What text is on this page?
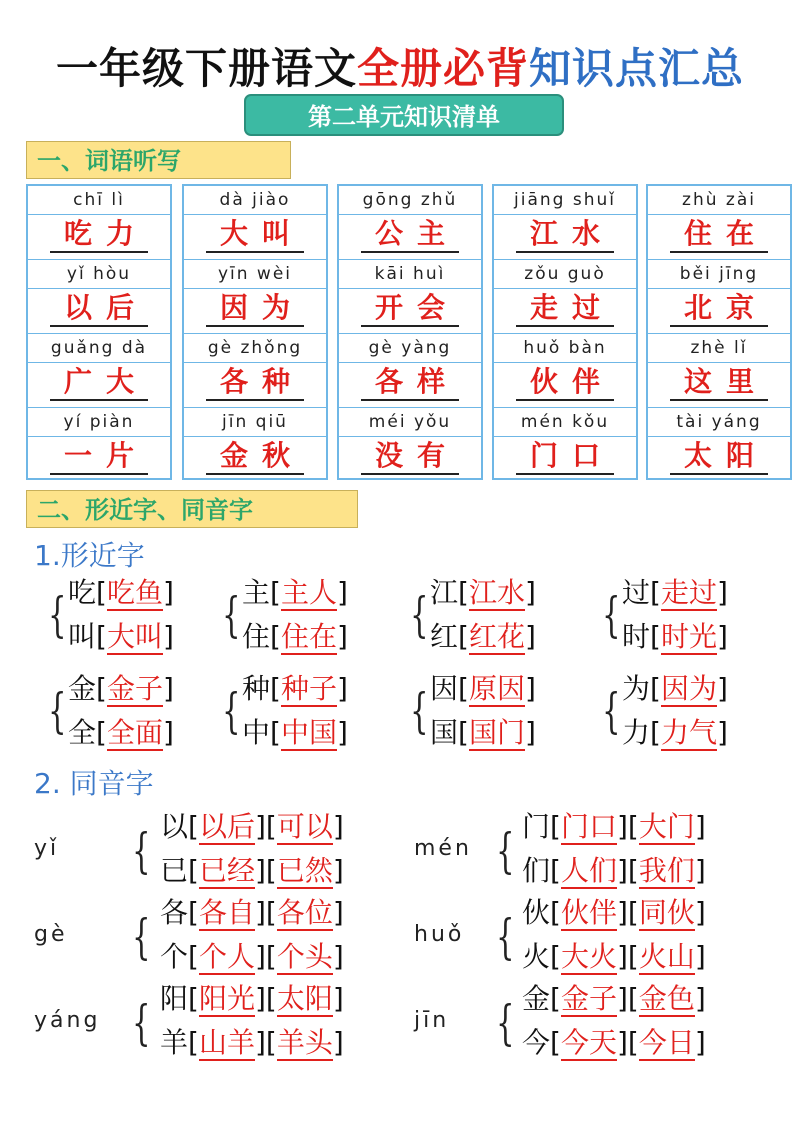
一年级下册语文全册必背知识点汇总
第二单元知识清单
一、词语听写
chī lì
吃力
yǐ hòu
以后
guǎng dà
广大
yí piàn
一片
dà jiào
大叫
yīn wèi
因为
gè zhǒng
各种
jīn qiū
金秋
gōng zhǔ
公主
kāi huì
开会
gè yàng
各样
méi yǒu
没有
jiāng shuǐ
江水
zǒu guò
走过
huǒ bàn
伙伴
mén kǒu
门口
zhù zài
住在
běi jīng
北京
zhè lǐ
这里
tài yáng
太阳
二、形近字、同音字
1.形近字
{ 吃[吃鱼]
叫[大叫] { 主[主人]
住[住在] { 江[江水]
红[红花] { 过[走过]
时[时光]
{ 金[金子]
全[全面] { 种[种子]
中[中国] { 因[原因]
国[国门] { 为[因为]
力[力气]
2. 同音字
yǐ { 以[以后][可以]
已[已经][已然]
mén { 门[门口][大门]
们[人们][我们]
gè { 各[各自][各位]
个[个人][个头]
huǒ { 伙[伙伴][同伙]
火[大火][火山]
yáng { 阳[阳光][太阳]
羊[山羊][羊头]
jīn { 金[金子][金色]
今[今天][今日]
